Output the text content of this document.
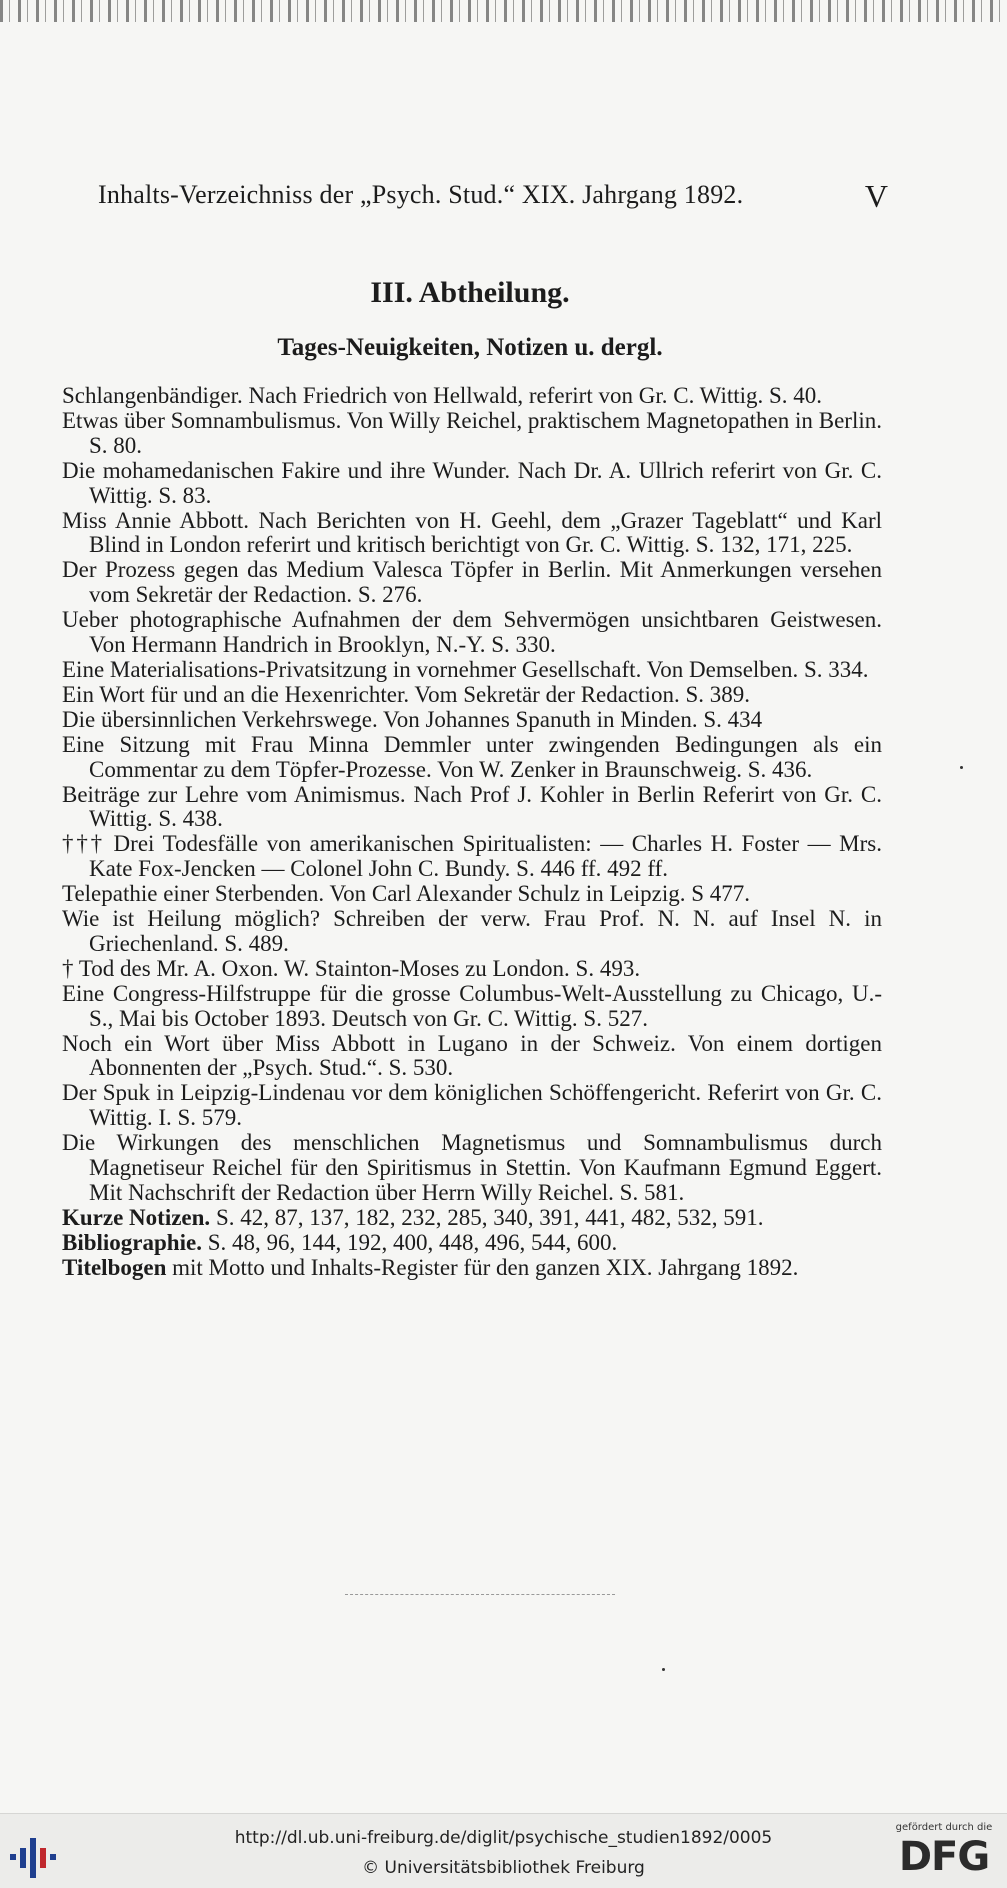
Inhalts-Verzeichniss der „Psych. Stud.“ XIX. Jahrgang 1892.	V
III. Abtheilung.
Tages-Neuigkeiten, Notizen u. dergl.

Schlangenbändiger. Nach Friedrich von Hellwald, referirt von Gr. C. Wittig. S. 40.

Etwas über Somnambulismus. Von Willy Reichel, praktischem Magnetopathen in Berlin. S. 80.

Die mohamedanischen Fakire und ihre Wunder. Nach Dr. A. Ullrich referirt von Gr. C. Wittig. S. 83.

Miss Annie Abbott. Nach Berichten von H. Geehl, dem „Grazer Tageblatt“ und Karl Blind in London referirt und kritisch berichtigt von Gr. C. Wittig. S. 132, 171, 225.

Der Prozess gegen das Medium Valesca Töpfer in Berlin. Mit Anmerkungen versehen vom Sekretär der Redaction. S. 276.

Ueber photographische Aufnahmen der dem Sehvermögen unsichtbaren Geistwesen. Von Hermann Handrich in Brooklyn, N.-Y. S. 330.

Eine Materialisations-Privatsitzung in vornehmer Gesellschaft. Von Demselben. S. 334.

Ein Wort für und an die Hexenrichter. Vom Sekretär der Redaction. S. 389.

Die übersinnlichen Verkehrswege. Von Johannes Spanuth in Minden. S. 434

Eine Sitzung mit Frau Minna Demmler unter zwingenden Bedingungen als ein Commentar zu dem Töpfer-Prozesse. Von W. Zenker in Braunschweig. S. 436.

Beiträge zur Lehre vom Animismus. Nach Prof J. Kohler in Berlin Referirt von Gr. C. Wittig. S. 438.

††† Drei Todesfälle von amerikanischen Spiritualisten: — Charles H. Foster — Mrs. Kate Fox-Jencken — Colonel John C. Bundy. S. 446 ff. 492 ff.

Telepathie einer Sterbenden. Von Carl Alexander Schulz in Leipzig. S 477.

Wie ist Heilung möglich? Schreiben der verw. Frau Prof. N. N. auf Insel N. in Griechenland. S. 489.

† Tod des Mr. A. Oxon. W. Stainton-Moses zu London. S. 493.

Eine Congress-Hilfstruppe für die grosse Columbus-Welt-Ausstellung zu Chicago, U.-S., Mai bis October 1893. Deutsch von Gr. C. Wittig. S. 527.

Noch ein Wort über Miss Abbott in Lugano in der Schweiz. Von einem dortigen Abonnenten der „Psych. Stud.“. S. 530.

Der Spuk in Leipzig-Lindenau vor dem königlichen Schöffengericht. Referirt von Gr. C. Wittig. I. S. 579.

Die Wirkungen des menschlichen Magnetismus und Somnambulismus durch Magnetiseur Reichel für den Spiritismus in Stettin. Von Kaufmann Egmund Eggert. Mit Nachschrift der Redaction über Herrn Willy Reichel. S. 581.

Kurze Notizen. S. 42, 87, 137, 182, 232, 285, 340, 391, 441, 482, 532, 591.

Bibliographie. S. 48, 96, 144, 192, 400, 448, 496, 544, 600.

Titelbogen mit Motto und Inhalts-Register für den ganzen XIX. Jahrgang 1892.

http://dl.ub.uni-freiburg.de/diglit/psychische_studien1892/0005
© Universitätsbibliothek Freiburg
gefördert durch die
DFG
